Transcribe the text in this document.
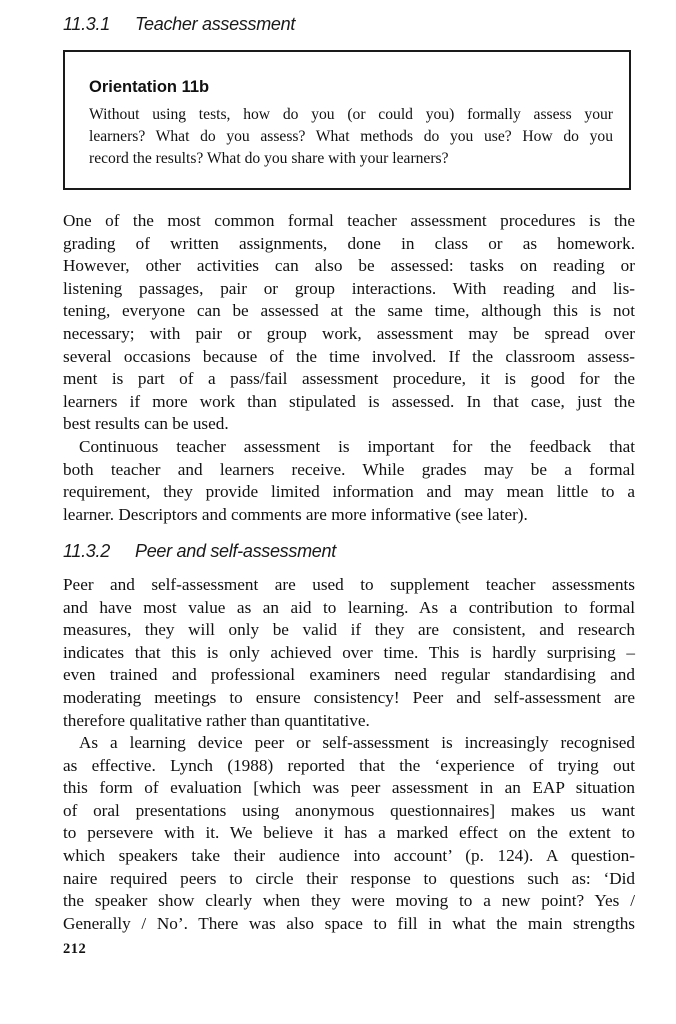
11.3.1 Teacher assessment
Orientation 11b
Without using tests, how do you (or could you) formally assess your
learners? What do you assess? What methods do you use? How do you
record the results? What do you share with your learners?
One of the most common formal teacher assessment procedures is the
grading of written assignments, done in class or as homework.
However, other activities can also be assessed: tasks on reading or
listening passages, pair or group interactions. With reading and lis-
tening, everyone can be assessed at the same time, although this is not
necessary; with pair or group work, assessment may be spread over
several occasions because of the time involved. If the classroom assess-
ment is part of a pass/fail assessment procedure, it is good for the
learners if more work than stipulated is assessed. In that case, just the
best results can be used.
Continuous teacher assessment is important for the feedback that
both teacher and learners receive. While grades may be a formal
requirement, they provide limited information and may mean little to a
learner. Descriptors and comments are more informative (see later).
11.3.2 Peer and self-assessment
Peer and self-assessment are used to supplement teacher assessments
and have most value as an aid to learning. As a contribution to formal
measures, they will only be valid if they are consistent, and research
indicates that this is only achieved over time. This is hardly surprising –
even trained and professional examiners need regular standardising and
moderating meetings to ensure consistency! Peer and self-assessment are
therefore qualitative rather than quantitative.
As a learning device peer or self-assessment is increasingly recognised
as effective. Lynch (1988) reported that the ‘experience of trying out
this form of evaluation [which was peer assessment in an EAP situation
of oral presentations using anonymous questionnaires] makes us want
to persevere with it. We believe it has a marked effect on the extent to
which speakers take their audience into account’ (p. 124). A question-
naire required peers to circle their response to questions such as: ‘Did
the speaker show clearly when they were moving to a new point? Yes /
Generally / No’. There was also space to fill in what the main strengths
212
